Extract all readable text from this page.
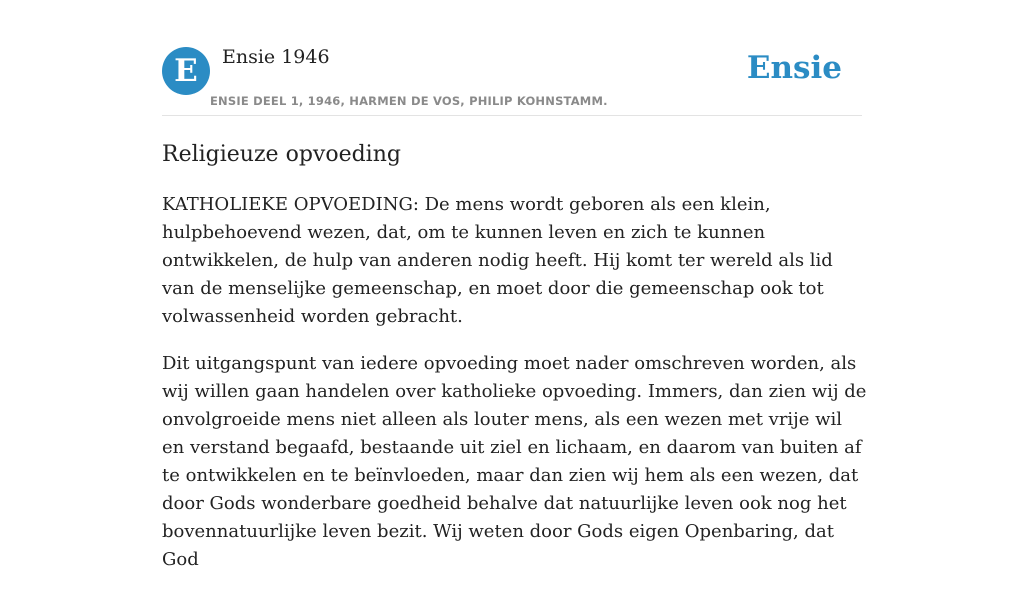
E	Ensie 1946
ENSIE DEEL 1, 1946, HARMEN DE VOS, PHILIP KOHNSTAMM.
Ensie
Religieuze opvoeding

KATHOLIEKE OPVOEDING: De mens wordt geboren als een klein, hulpbehoevend wezen, dat, om te kunnen leven en zich te kunnen ontwikkelen, de hulp van anderen nodig heeft. Hij komt ter wereld als lid van de menselijke gemeenschap, en moet door die gemeenschap ook tot volwassenheid worden gebracht.

Dit uitgangspunt van iedere opvoeding moet nader omschreven worden, als wij willen gaan handelen over katholieke opvoeding. Immers, dan zien wij de onvolgroeide mens niet alleen als louter mens, als een wezen met vrije wil en verstand begaafd, bestaande uit ziel en lichaam, en daarom van buiten af te ontwikkelen en te beïnvloeden, maar dan zien wij hem als een wezen, dat door Gods wonderbare goedheid behalve dat natuurlijke leven ook nog het bovennatuurlijke leven bezit. Wij weten door Gods eigen Openbaring, dat God
